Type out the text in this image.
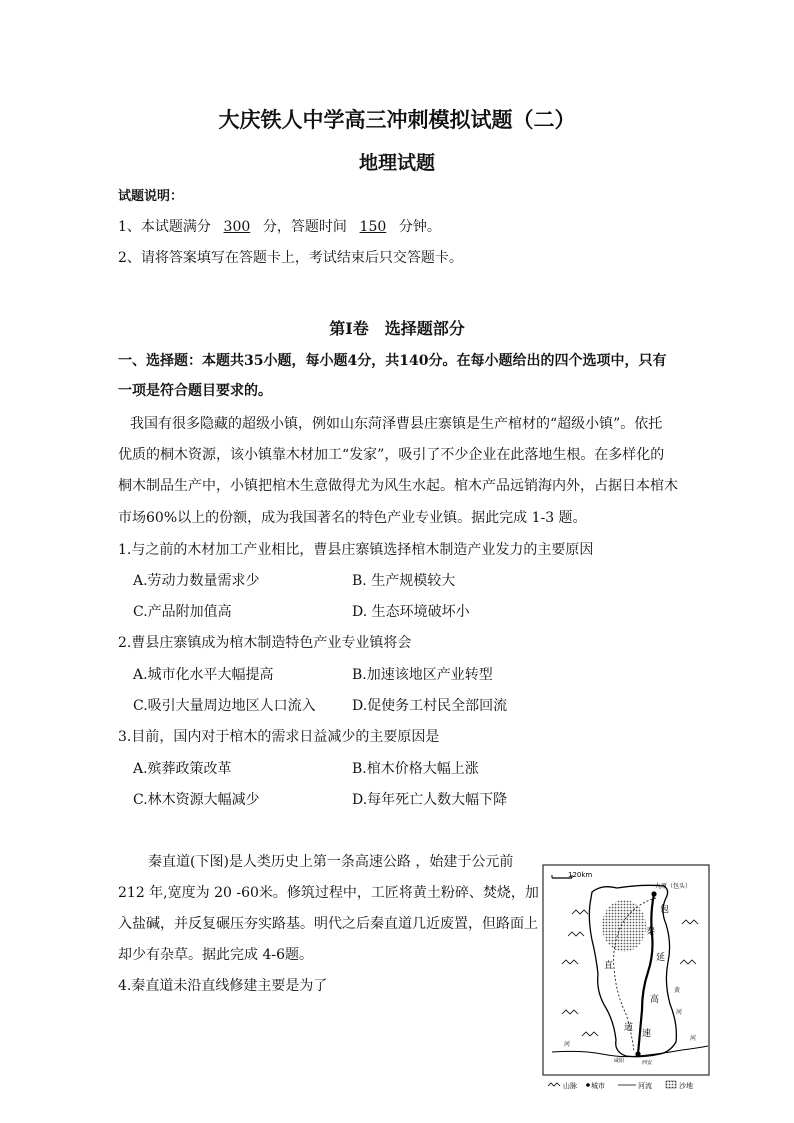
大庆铁人中学高三冲刺模拟试题（二）
地理试题
试题说明：
1、本试题满分 300 分，答题时间 150 分钟。
2、请将答案填写在答题卡上，考试结束后只交答题卡。
第Ⅰ卷　选择题部分
一、选择题：本题共35小题，每小题4分，共140分。在每小题给出的四个选项中，只有
一项是符合题目要求的。
我国有很多隐藏的超级小镇，例如山东菏泽曹县庄寨镇是生产棺材的“超级小镇”。依托
优质的桐木资源，该小镇靠木材加工“发家”，吸引了不少企业在此落地生根。在多样化的
桐木制品生产中，小镇把棺木生意做得尤为风生水起。棺木产品远销海内外，占据日本棺木
市场60%以上的份额，成为我国著名的特色产业专业镇。据此完成 1-3 题。
1.与之前的木材加工产业相比，曹县庄寨镇选择棺木制造产业发力的主要原因
A.劳动力数量需求少	B. 生产规模较大
C.产品附加值高	D. 生态环境破坏小
2.曹县庄寨镇成为棺木制造特色产业专业镇将会
A.城市化水平大幅提高	B.加速该地区产业转型
C.吸引大量周边地区人口流入	D.促使务工村民全部回流
3.目前，国内对于棺木的需求日益减少的主要原因是
A.殡葬政策改革	B.棺木价格大幅上涨
C.林木资源大幅减少	D.每年死亡人数大幅下降
秦直道(下图)是人类历史上第一条高速公路 ，始建于公元前
212 年,宽度为 20 -60米。修筑过程中，工匠将黄土粉碎、焚烧，加
入盐碱，并反复碾压夯实路基。明代之后秦直道几近废置，但路面上
却少有杂草。据此完成 4-6题。
4.秦直道未沿直线修建主要是为了
120km
九原（包头）
包
秦
直
延
高
道
速
咸阳	西安
河
河
河
黄
山脉 城市	河流	沙地
